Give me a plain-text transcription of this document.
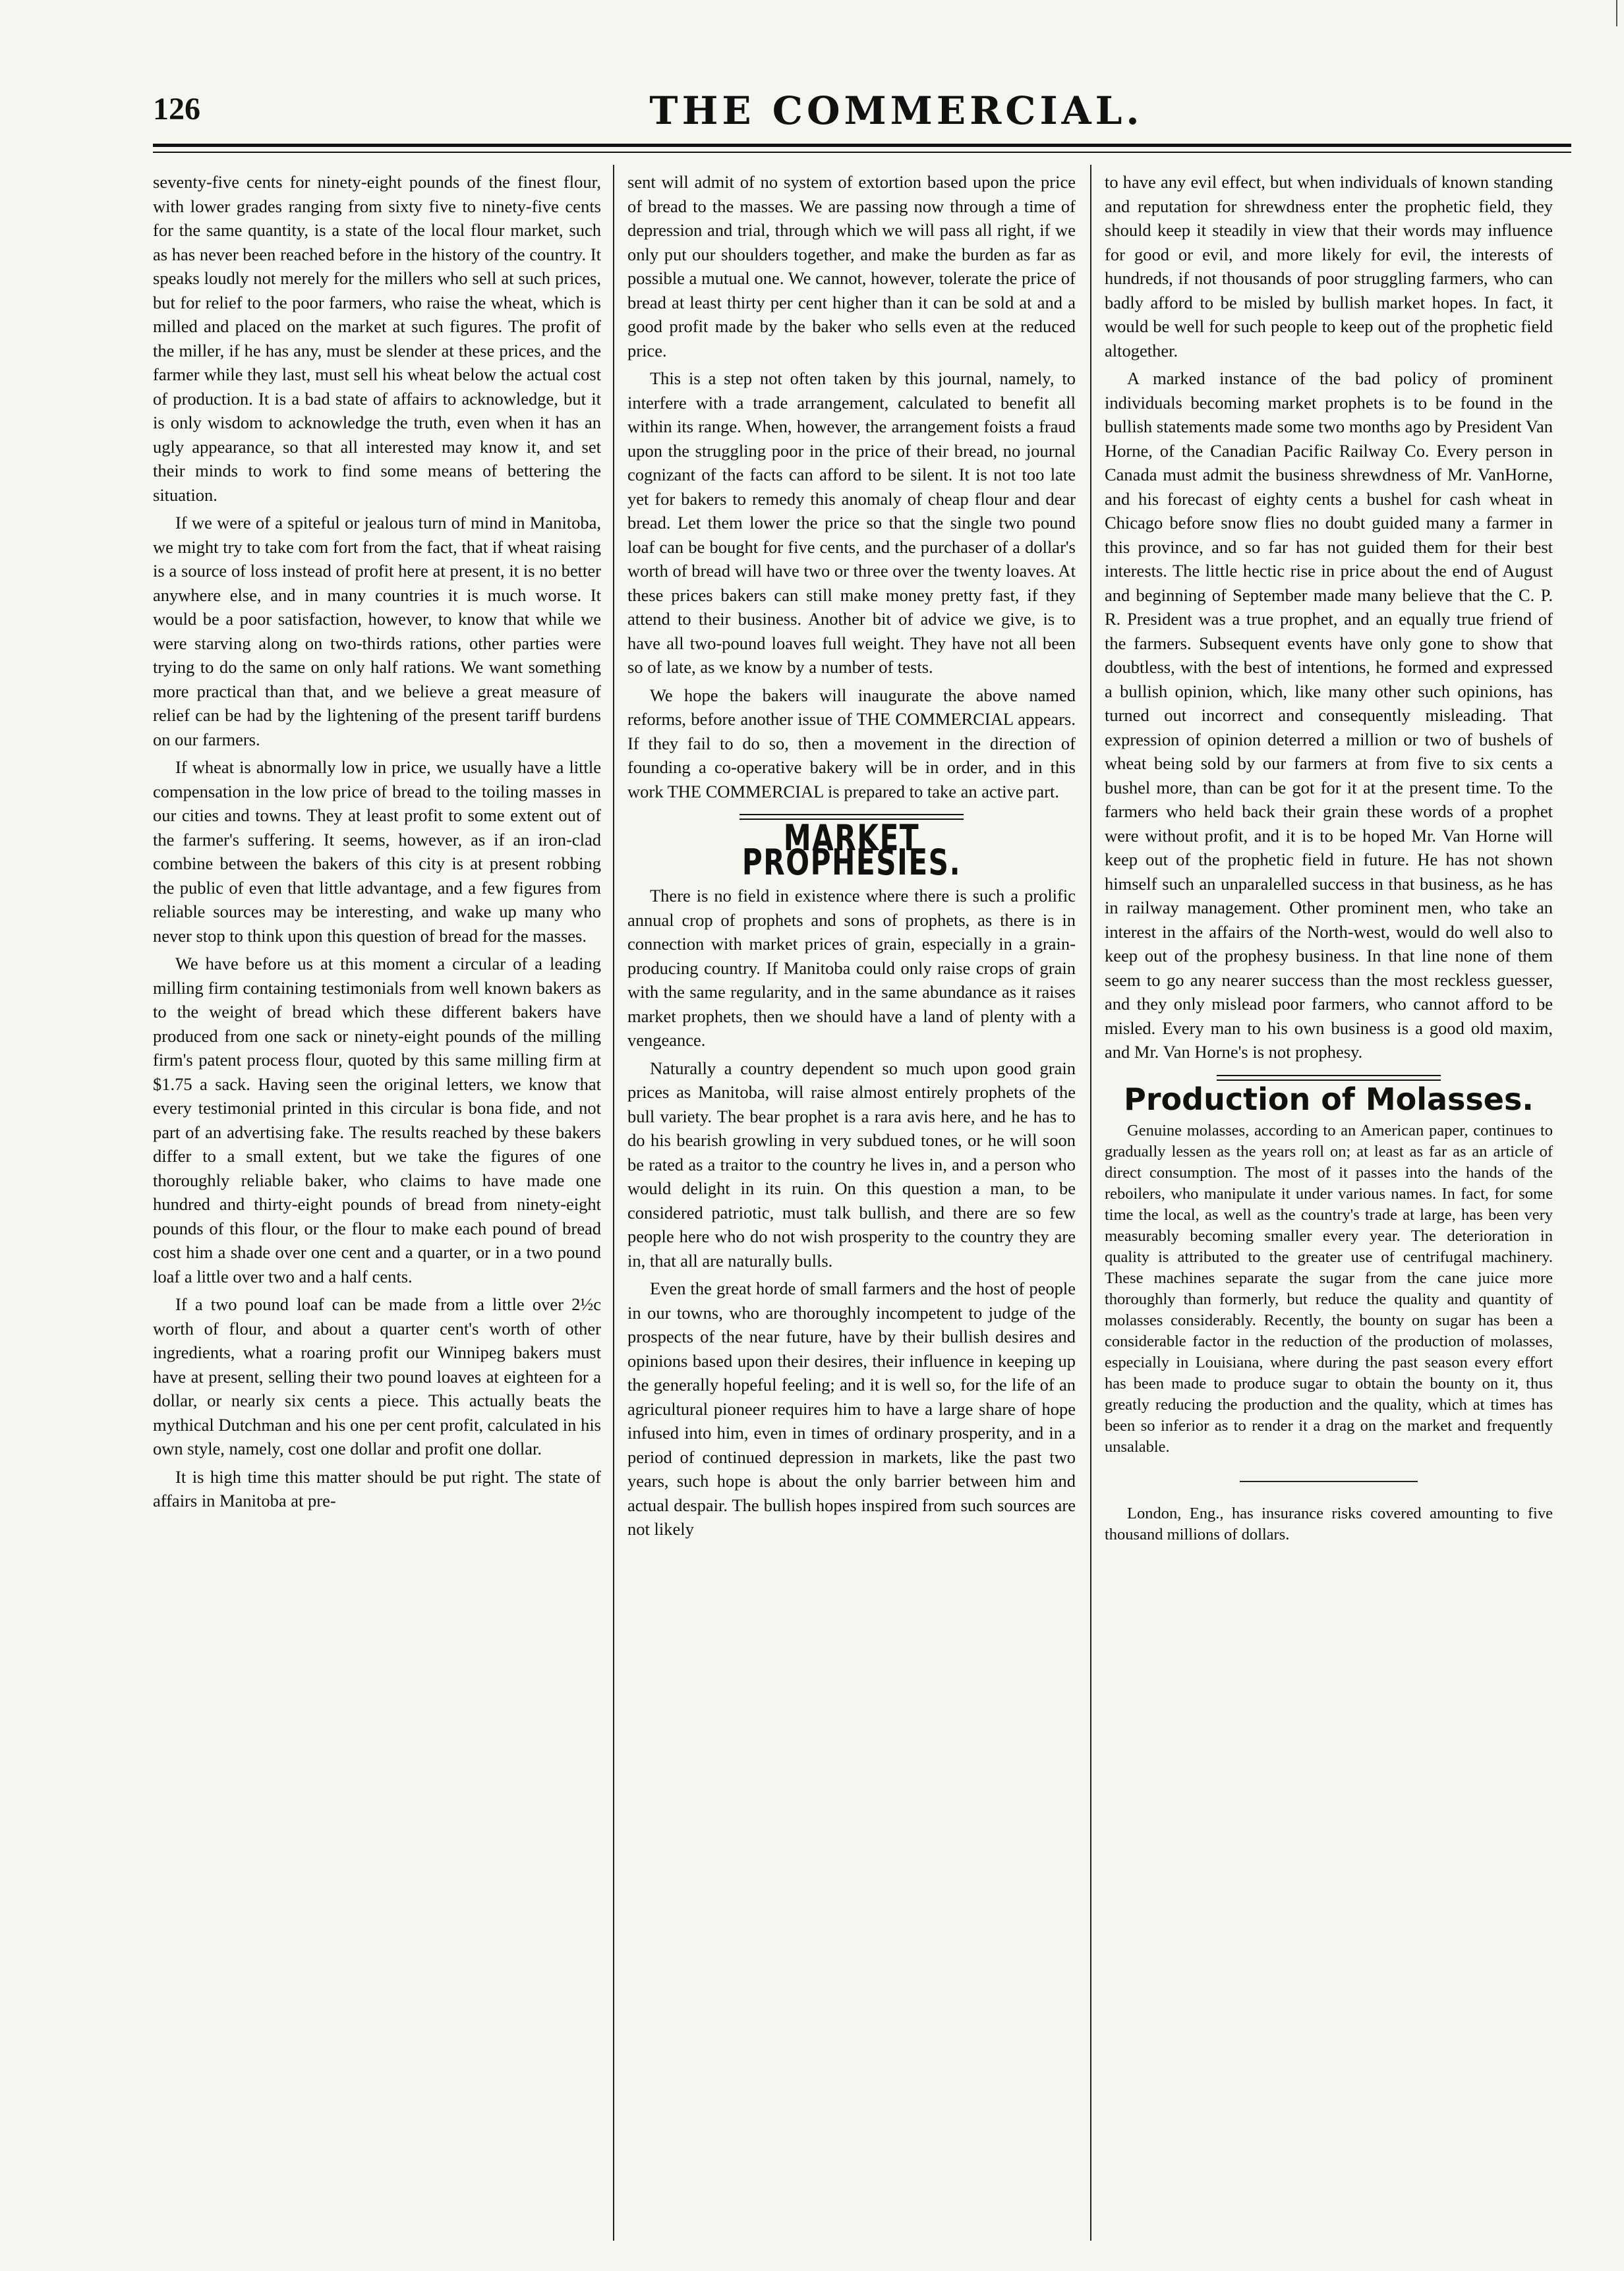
126	THE COMMERCIAL.

seventy-five cents for ninety-eight pounds of the finest flour, with lower grades ranging from sixty five to ninety-five cents for the same quantity, is a state of the local flour market, such as has never been reached before in the history of the country. It speaks loudly not merely for the millers who sell at such prices, but for relief to the poor farmers, who raise the wheat, which is milled and placed on the market at such figures. The profit of the miller, if he has any, must be slender at these prices, and the farmer while they last, must sell his wheat below the actual cost of production. It is a bad state of affairs to acknowledge, but it is only wisdom to acknowledge the truth, even when it has an ugly appearance, so that all interested may know it, and set their minds to work to find some means of bettering the situation.

If we were of a spiteful or jealous turn of mind in Manitoba, we might try to take com fort from the fact, that if wheat raising is a source of loss instead of profit here at present, it is no better anywhere else, and in many countries it is much worse. It would be a poor satisfaction, however, to know that while we were starving along on two-thirds rations, other parties were trying to do the same on only half rations. We want something more practical than that, and we believe a great measure of relief can be had by the lightening of the present tariff burdens on our farmers.

If wheat is abnormally low in price, we usually have a little compensation in the low price of bread to the toiling masses in our cities and towns. They at least profit to some extent out of the farmer's suffering. It seems, however, as if an iron-clad combine between the bakers of this city is at present robbing the public of even that little advantage, and a few figures from reliable sources may be interesting, and wake up many who never stop to think upon this question of bread for the masses.

We have before us at this moment a circular of a leading milling firm containing testimonials from well known bakers as to the weight of bread which these different bakers have produced from one sack or ninety-eight pounds of the milling firm's patent process flour, quoted by this same milling firm at $1.75 a sack. Having seen the original letters, we know that every testimonial printed in this circular is bona fide, and not part of an advertising fake. The results reached by these bakers differ to a small extent, but we take the figures of one thoroughly reliable baker, who claims to have made one hundred and thirty-eight pounds of bread from ninety-eight pounds of this flour, or the flour to make each pound of bread cost him a shade over one cent and a quarter, or in a two pound loaf a little over two and a half cents.

If a two pound loaf can be made from a little over 2½c worth of flour, and about a quarter cent's worth of other ingredients, what a roaring profit our Winnipeg bakers must have at present, selling their two pound loaves at eighteen for a dollar, or nearly six cents a piece. This actually beats the mythical Dutchman and his one per cent profit, calculated in his own style, namely, cost one dollar and profit one dollar.

It is high time this matter should be put right. The state of affairs in Manitoba at pre-

sent will admit of no system of extortion based upon the price of bread to the masses. We are passing now through a time of depression and trial, through which we will pass all right, if we only put our shoulders together, and make the burden as far as possible a mutual one. We cannot, however, tolerate the price of bread at least thirty per cent higher than it can be sold at and a good profit made by the baker who sells even at the reduced price.

This is a step not often taken by this journal, namely, to interfere with a trade arrangement, calculated to benefit all within its range. When, however, the arrangement foists a fraud upon the struggling poor in the price of their bread, no journal cognizant of the facts can afford to be silent. It is not too late yet for bakers to remedy this anomaly of cheap flour and dear bread. Let them lower the price so that the single two pound loaf can be bought for five cents, and the purchaser of a dollar's worth of bread will have two or three over the twenty loaves. At these prices bakers can still make money pretty fast, if they attend to their business. Another bit of advice we give, is to have all two-pound loaves full weight. They have not all been so of late, as we know by a number of tests.

We hope the bakers will inaugurate the above named reforms, before another issue of THE COMMERCIAL appears. If they fail to do so, then a movement in the direction of founding a co-operative bakery will be in order, and in this work THE COMMERCIAL is prepared to take an active part.

MARKET PROPHESIES.

There is no field in existence where there is such a prolific annual crop of prophets and sons of prophets, as there is in connection with market prices of grain, especially in a grain-producing country. If Manitoba could only raise crops of grain with the same regularity, and in the same abundance as it raises market prophets, then we should have a land of plenty with a vengeance.

Naturally a country dependent so much upon good grain prices as Manitoba, will raise almost entirely prophets of the bull variety. The bear prophet is a rara avis here, and he has to do his bearish growling in very subdued tones, or he will soon be rated as a traitor to the country he lives in, and a person who would delight in its ruin. On this question a man, to be considered patriotic, must talk bullish, and there are so few people here who do not wish prosperity to the country they are in, that all are naturally bulls.

Even the great horde of small farmers and the host of people in our towns, who are thoroughly incompetent to judge of the prospects of the near future, have by their bullish desires and opinions based upon their desires, their influence in keeping up the generally hopeful feeling; and it is well so, for the life of an agricultural pioneer requires him to have a large share of hope infused into him, even in times of ordinary prosperity, and in a period of continued depression in markets, like the past two years, such hope is about the only barrier between him and actual despair. The bullish hopes inspired from such sources are not likely

to have any evil effect, but when individuals of known standing and reputation for shrewdness enter the prophetic field, they should keep it steadily in view that their words may influence for good or evil, and more likely for evil, the interests of hundreds, if not thousands of poor struggling farmers, who can badly afford to be misled by bullish market hopes. In fact, it would be well for such people to keep out of the prophetic field altogether.

A marked instance of the bad policy of prominent individuals becoming market prophets is to be found in the bullish statements made some two months ago by President Van Horne, of the Canadian Pacific Railway Co. Every person in Canada must admit the business shrewdness of Mr. VanHorne, and his forecast of eighty cents a bushel for cash wheat in Chicago before snow flies no doubt guided many a farmer in this province, and so far has not guided them for their best interests. The little hectic rise in price about the end of August and beginning of September made many believe that the C. P. R. President was a true prophet, and an equally true friend of the farmers. Subsequent events have only gone to show that doubtless, with the best of intentions, he formed and expressed a bullish opinion, which, like many other such opinions, has turned out incorrect and consequently misleading. That expression of opinion deterred a million or two of bushels of wheat being sold by our farmers at from five to six cents a bushel more, than can be got for it at the present time. To the farmers who held back their grain these words of a prophet were without profit, and it is to be hoped Mr. Van Horne will keep out of the prophetic field in future. He has not shown himself such an unparalelled success in that business, as he has in railway management. Other prominent men, who take an interest in the affairs of the North-west, would do well also to keep out of the prophesy business. In that line none of them seem to go any nearer success than the most reckless guesser, and they only mislead poor farmers, who cannot afford to be misled. Every man to his own business is a good old maxim, and Mr. Van Horne's is not prophesy.

Production of Molasses.

Genuine molasses, according to an American paper, continues to gradually lessen as the years roll on; at least as far as an article of direct consumption. The most of it passes into the hands of the reboilers, who manipulate it under various names. In fact, for some time the local, as well as the country's trade at large, has been very measurably becoming smaller every year. The deterioration in quality is attributed to the greater use of centrifugal machinery. These machines separate the sugar from the cane juice more thoroughly than formerly, but reduce the quality and quantity of molasses considerably. Recently, the bounty on sugar has been a considerable factor in the reduction of the production of molasses, especially in Louisiana, where during the past season every effort has been made to produce sugar to obtain the bounty on it, thus greatly reducing the production and the quality, which at times has been so inferior as to render it a drag on the market and frequently unsalable.

London, Eng., has insurance risks covered amounting to five thousand millions of dollars.
